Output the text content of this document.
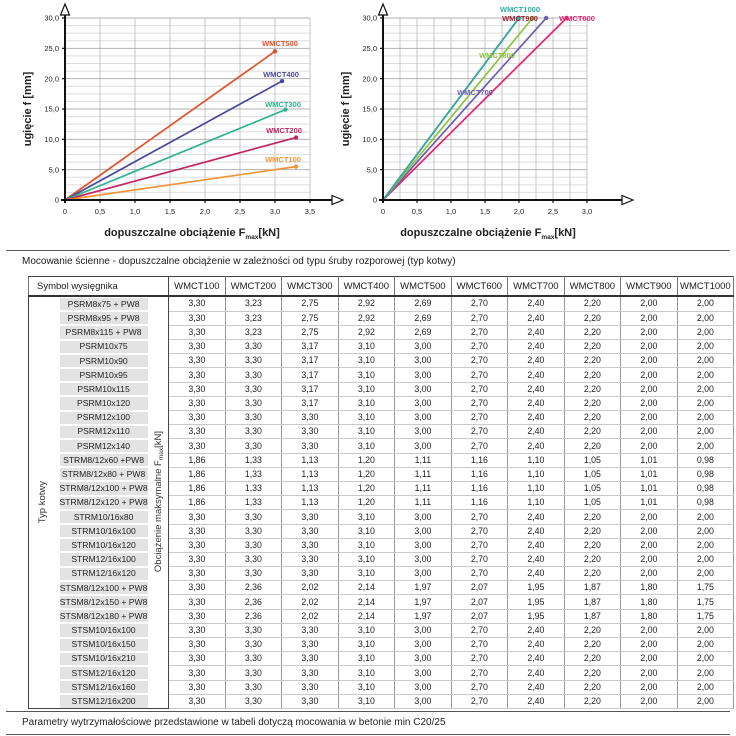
0
5,0
10,0
15,0
20,0
25,0
30,0
0	0,5	1,0	1,5	2,0	2,5	3,0	3,5
WMCT500
WMCT400
WMCT300
WMCT200
WMCT100
dopuszczalne obciążenie $F_{max}[kN]$
ugięcie f [mm]
0
5,0
10,0
15,0
20,0
25,0
30,0
0	0,5	1,0	1,5	2,0	2,5	3,0
WMCT600
WMCT700
WMCT800
WMCT900
WMCT1000
dopuszczalne obciążenie $F_{max}[kN]$
ugięcie f [mm]
Mocowanie ścienne - dopuszczalne obciążenie w zależności od typu śruby rozporowej (typ kotwy)
Symbol wysięgnika			WMCT100	WMCT200	WMCT300	WMCT400	WMCT500	WMCT600	WMCT700	WMCT800	WMCT900	WMCT1000
Typ kotwy	PSRM8x75 + PW8	Obciążenie maksymalne $F_{max}[kN]$	3,30	3,23	2,75	2,92	2,69	2,70	2,40	2,20	2,00	2,00
	PSRM8x95 + PW8		3,30	3,23	2,75	2,92	2,69	2,70	2,40	2,20	2,00	2,00
	PSRM8x115 + PW8		3,30	3,23	2,75	2,92	2,69	2,70	2,40	2,20	2,00	2,00
	PSRM10x75		3,30	3,30	3,17	3,10	3,00	2,70	2,40	2,20	2,00	2,00
	PSRM10x90		3,30	3,30	3,17	3,10	3,00	2,70	2,40	2,20	2,00	2,00
	PSRM10x95		3,30	3,30	3,17	3,10	3,00	2,70	2,40	2,20	2,00	2,00
	PSRM10x115		3,30	3,30	3,17	3,10	3,00	2,70	2,40	2,20	2,00	2,00
	PSRM10x120		3,30	3,30	3,17	3,10	3,00	2,70	2,40	2,20	2,00	2,00
	PSRM12x100		3,30	3,30	3,30	3,10	3,00	2,70	2,40	2,20	2,00	2,00
	PSRM12x110		3,30	3,30	3,30	3,10	3,00	2,70	2,40	2,20	2,00	2,00
	PSRM12x140		3,30	3,30	3,30	3,10	3,00	2,70	2,40	2,20	2,00	2,00
	STRM8/12x60 +PW8		1,86	1,33	1,13	1,20	1,11	1,16	1,10	1,05	1,01	0,98
	STRM8/12x80 + PW8		1,86	1,33	1,13	1,20	1,11	1,16	1,10	1,05	1,01	0,98
	STRM8/12x100 + PW8		1,86	1,33	1,13	1,20	1,11	1,16	1,10	1,05	1,01	0,98
	STRM8/12x120 + PW8		1,86	1,33	1,13	1,20	1,11	1,16	1,10	1,05	1,01	0,98
	STRM10/16x80		3,30	3,30	3,30	3,10	3,00	2,70	2,40	2,20	2,00	2,00
	STRM10/16x100		3,30	3,30	3,30	3,10	3,00	2,70	2,40	2,20	2,00	2,00
	STRM10/16x120		3,30	3,30	3,30	3,10	3,00	2,70	2,40	2,20	2,00	2,00
	STRM12/16x100		3,30	3,30	3,30	3,10	3,00	2,70	2,40	2,20	2,00	2,00
	STRM12/16x120		3,30	3,30	3,30	3,10	3,00	2,70	2,40	2,20	2,00	2,00
	STSM8/12x100 + PW8		3,30	2,36	2,02	2,14	1,97	2,07	1,95	1,87	1,80	1,75
	STSM8/12x150 + PW8		3,30	2,36	2,02	2,14	1,97	2,07	1,95	1,87	1,80	1,75
	STSM8/12x180 + PW8		3,30	2,36	2,02	2,14	1,97	2,07	1,95	1,87	1,80	1,75
	STSM10/16x100		3,30	3,30	3,30	3,10	3,00	2,70	2,40	2,20	2,00	2,00
	STSM10/16x150		3,30	3,30	3,30	3,10	3,00	2,70	2,40	2,20	2,00	2,00
	STSM10/16x210		3,30	3,30	3,30	3,10	3,00	2,70	2,40	2,20	2,00	2,00
	STSM12/16x120		3,30	3,30	3,30	3,10	3,00	2,70	2,40	2,20	2,00	2,00
	STSM12/16x160		3,30	3,30	3,30	3,10	3,00	2,70	2,40	2,20	2,00	2,00
	STSM12/16x200		3,30	3,30	3,30	3,10	3,00	2,70	2,40	2,20	2,00	2,00
Parametry wytrzymałościowe przedstawione w tabeli dotyczą mocowania w betonie min C20/25
